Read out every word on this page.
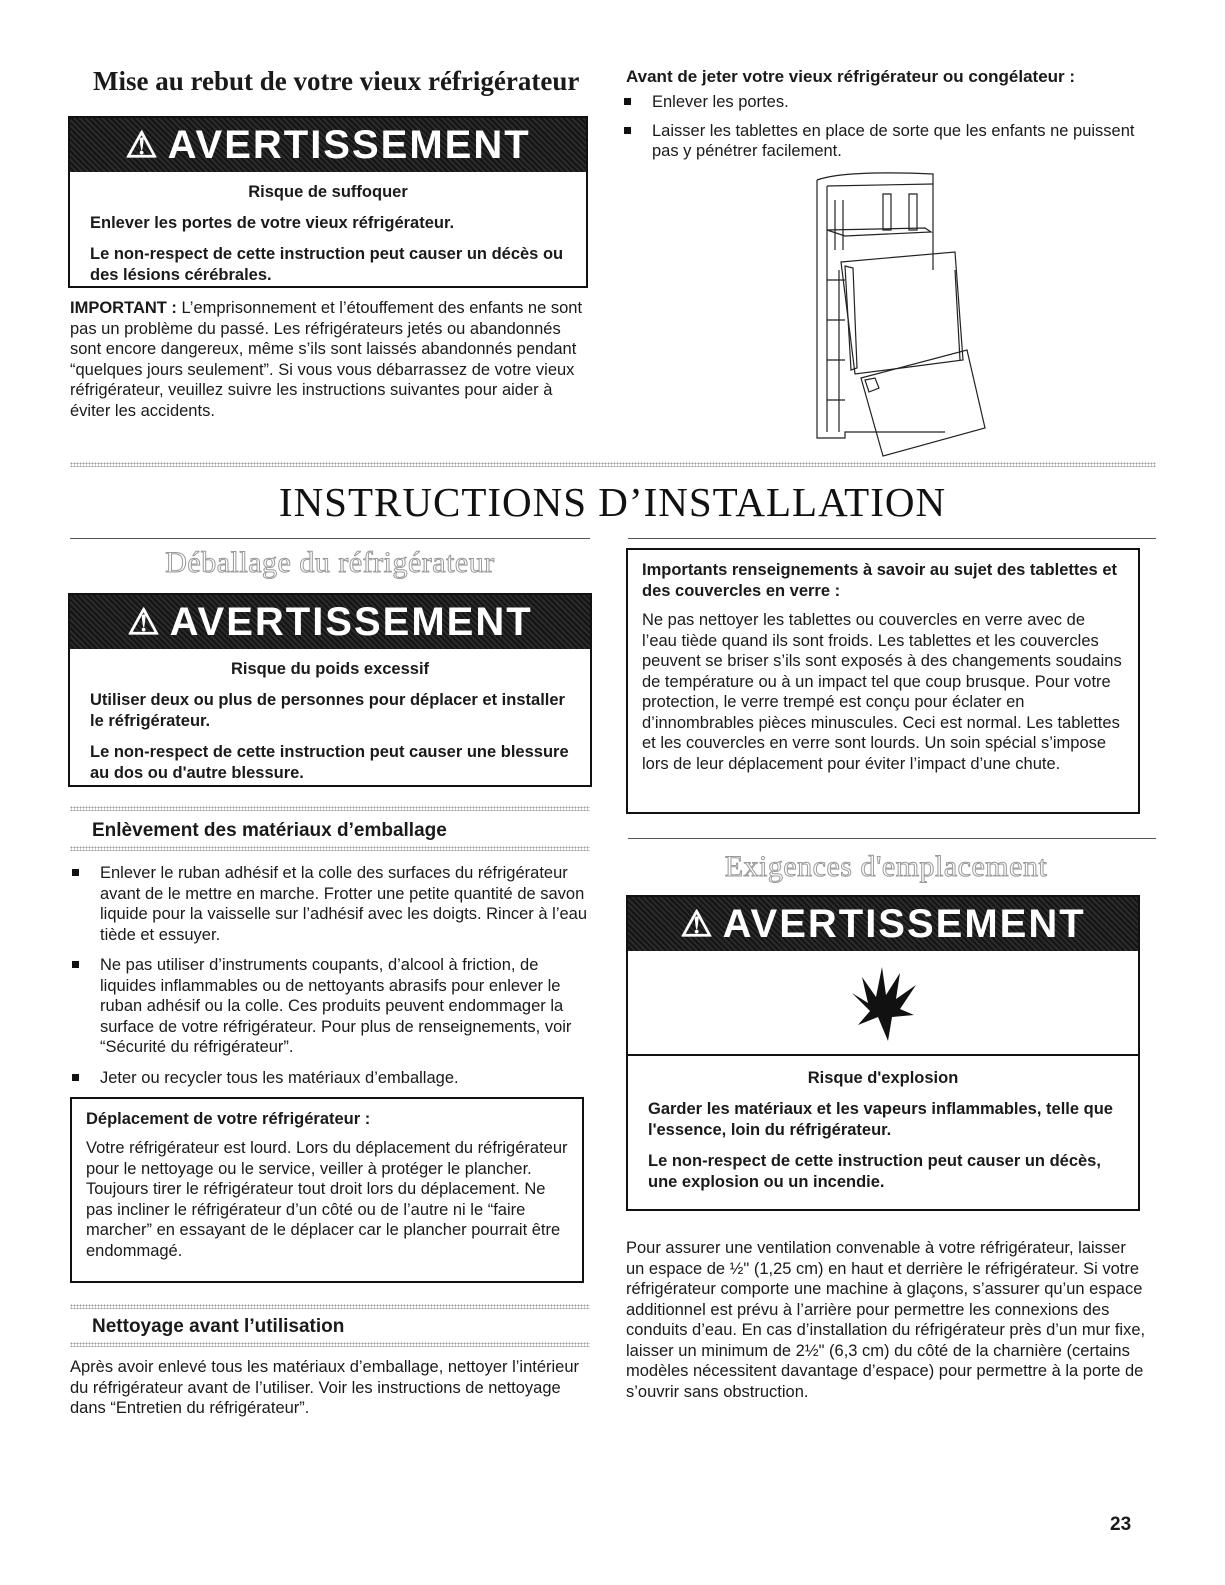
Mise au rebut de votre vieux réfrigérateur
⚠ AVERTISSEMENT
Risque de suffoquer

Enlever les portes de votre vieux réfrigérateur.

Le non-respect de cette instruction peut causer un décès ou des lésions cérébrales.

IMPORTANT : L’emprisonnement et l’étouffement des enfants ne sont pas un problème du passé. Les réfrigérateurs jetés ou abandonnés sont encore dangereux, même s’ils sont laissés abandonnés pendant “quelques jours seulement”. Si vous vous débarrassez de votre vieux réfrigérateur, veuillez suivre les instructions suivantes pour aider à éviter les accidents.

Avant de jeter votre vieux réfrigérateur ou congélateur :
Enlever les portes.
Laisser les tablettes en place de sorte que les enfants ne puissent pas y pénétrer facilement.
INSTRUCTIONS D’INSTALLATION
Déballage du réfrigérateur
⚠ AVERTISSEMENT
Risque du poids excessif

Utiliser deux ou plus de personnes pour déplacer et installer le réfrigérateur.

Le non-respect de cette instruction peut causer une blessure au dos ou d'autre blessure.

Enlèvement des matériaux d’emballage
Enlever le ruban adhésif et la colle des surfaces du réfrigérateur avant de le mettre en marche. Frotter une petite quantité de savon liquide pour la vaisselle sur l’adhésif avec les doigts. Rincer à l’eau tiède et essuyer.
Ne pas utiliser d’instruments coupants, d’alcool à friction, de liquides inflammables ou de nettoyants abrasifs pour enlever le ruban adhésif ou la colle. Ces produits peuvent endommager la surface de votre réfrigérateur. Pour plus de renseignements, voir “Sécurité du réfrigérateur”.
Jeter ou recycler tous les matériaux d’emballage.
Déplacement de votre réfrigérateur :
Votre réfrigérateur est lourd. Lors du déplacement du réfrigérateur pour le nettoyage ou le service, veiller à protéger le plancher. Toujours tirer le réfrigérateur tout droit lors du déplacement. Ne pas incliner le réfrigérateur d’un côté ou de l’autre ni le “faire marcher” en essayant de le déplacer car le plancher pourrait être endommagé.
Nettoyage avant l’utilisation

Après avoir enlevé tous les matériaux d’emballage, nettoyer l’intérieur du réfrigérateur avant de l’utiliser. Voir les instructions de nettoyage dans “Entretien du réfrigérateur”.

Importants renseignements à savoir au sujet des tablettes et des couvercles en verre :
Ne pas nettoyer les tablettes ou couvercles en verre avec de l’eau tiède quand ils sont froids. Les tablettes et les couvercles peuvent se briser s’ils sont exposés à des changements soudains de température ou à un impact tel que coup brusque. Pour votre protection, le verre trempé est conçu pour éclater en d’innombrables pièces minuscules. Ceci est normal. Les tablettes et les couvercles en verre sont lourds. Un soin spécial s’impose lors de leur déplacement pour éviter l’impact d’une chute.
Exigences d'emplacement
⚠ AVERTISSEMENT
Risque d'explosion

Garder les matériaux et les vapeurs inflammables, telle que l'essence, loin du réfrigérateur.

Le non-respect de cette instruction peut causer un décès, une explosion ou un incendie.

Pour assurer une ventilation convenable à votre réfrigérateur, laisser un espace de ½" (1,25 cm) en haut et derrière le réfrigérateur. Si votre réfrigérateur comporte une machine à glaçons, s’assurer qu’un espace additionnel est prévu à l’arrière pour permettre les connexions des conduits d’eau. En cas d’installation du réfrigérateur près d’un mur fixe, laisser un minimum de 2½" (6,3 cm) du côté de la charnière (certains modèles nécessitent davantage d’espace) pour permettre à la porte de s’ouvrir sans obstruction.

23
